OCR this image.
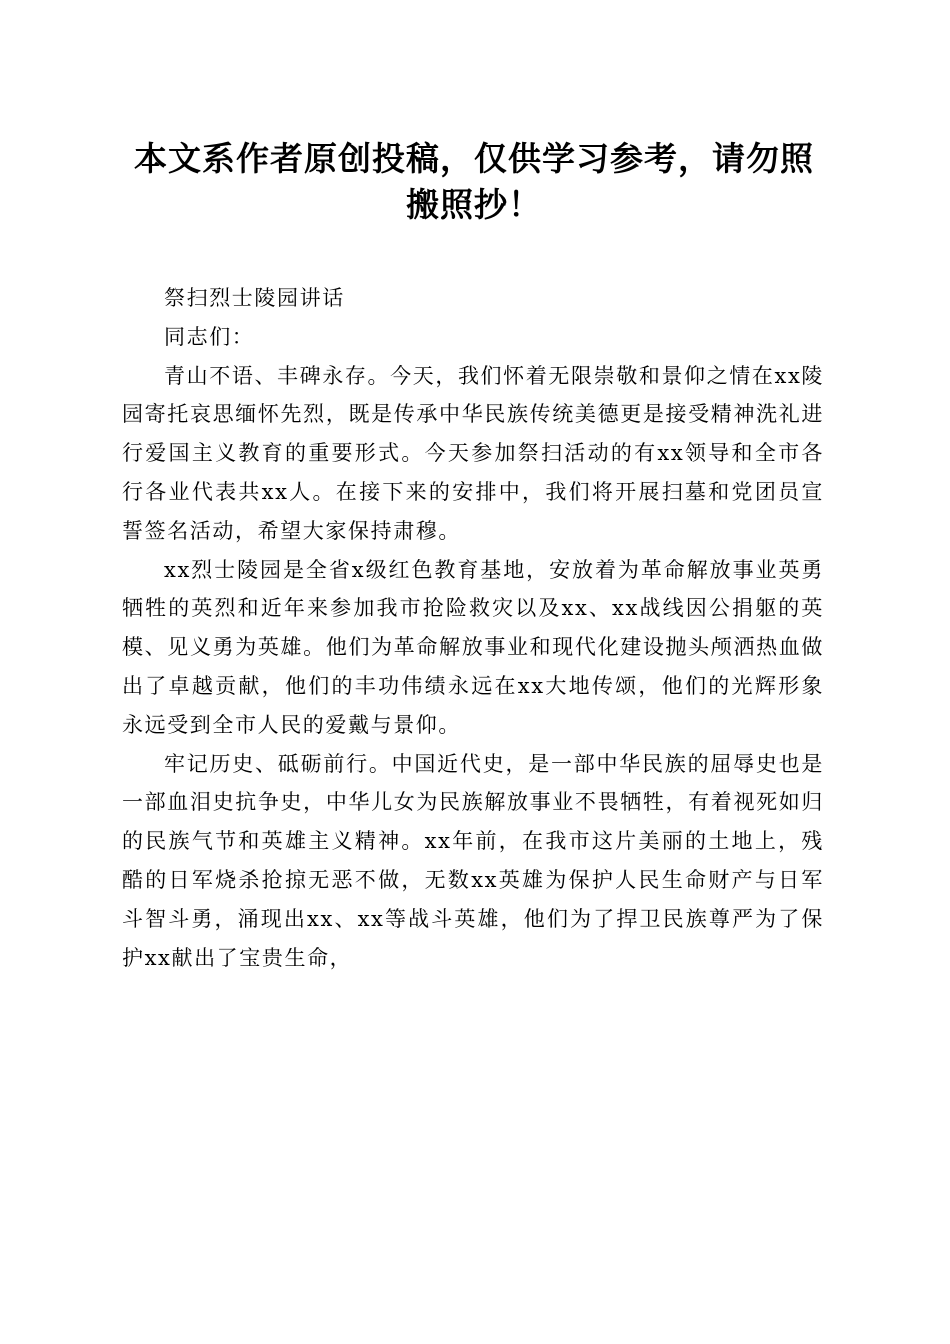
本文系作者原创投稿，仅供学习参考，请勿照搬照抄！

祭扫烈士陵园讲话

同志们：

青山不语、丰碑永存。今天，我们怀着无限崇敬和景仰之情在xx陵园寄托哀思缅怀先烈，既是传承中华民族传统美德更是接受精神洗礼进行爱国主义教育的重要形式。今天参加祭扫活动的有xx领导和全市各行各业代表共xx人。在接下来的安排中，我们将开展扫墓和党团员宣誓签名活动，希望大家保持肃穆。

xx烈士陵园是全省x级红色教育基地，安放着为革命解放事业英勇牺牲的英烈和近年来参加我市抢险救灾以及xx、xx战线因公捐躯的英模、见义勇为英雄。他们为革命解放事业和现代化建设抛头颅洒热血做出了卓越贡献，他们的丰功伟绩永远在xx大地传颂，他们的光辉形象永远受到全市人民的爱戴与景仰。

牢记历史、砥砺前行。中国近代史，是一部中华民族的屈辱史也是一部血泪史抗争史，中华儿女为民族解放事业不畏牺牲，有着视死如归的民族气节和英雄主义精神。xx年前，在我市这片美丽的土地上，残酷的日军烧杀抢掠无恶不做，无数xx英雄为保护人民生命财产与日军斗智斗勇，涌现出xx、xx等战斗英雄，他们为了捍卫民族尊严为了保护xx献出了宝贵生命，
